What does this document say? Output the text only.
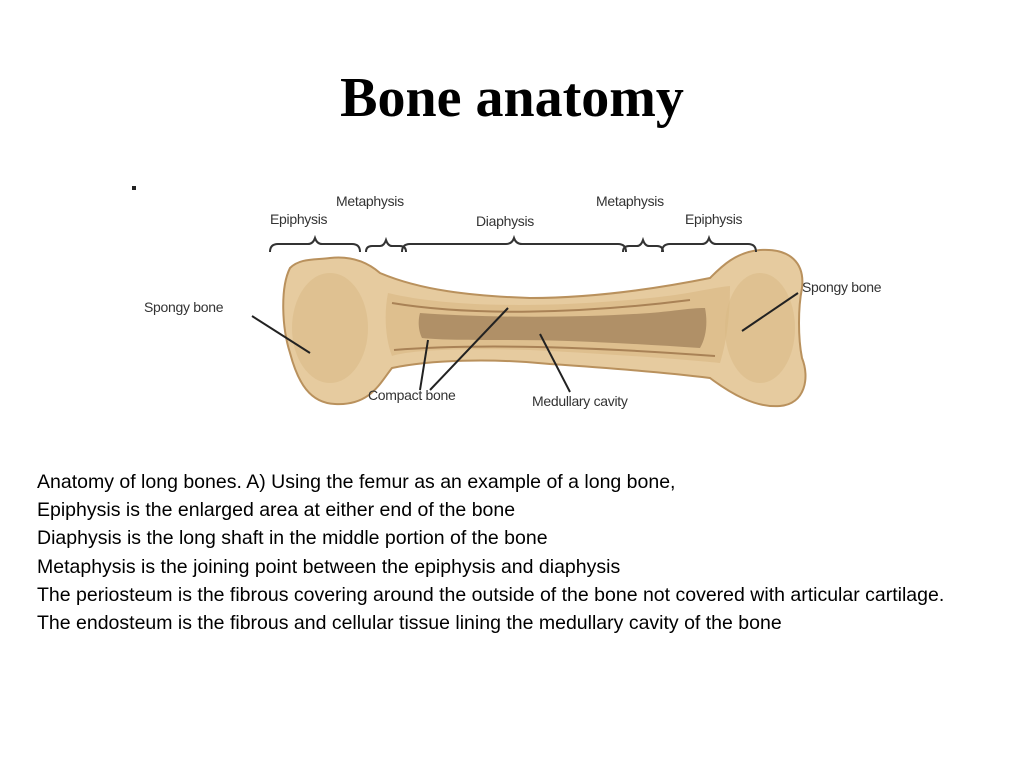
Bone anatomy
Epiphysis
Metaphysis
Diaphysis
Metaphysis
Epiphysis
Spongy bone
Spongy bone
Compact bone	Medullary cavity
Anatomy of long bones. A) Using the femur as an example of a long bone,
Epiphysis is the enlarged area at either end of the bone
Diaphysis is the long shaft in the middle portion of the bone
Metaphysis is the joining point between the epiphysis and diaphysis
The periosteum is the fibrous covering around the outside of the bone not covered with articular cartilage.
The endosteum is the fibrous and cellular tissue lining the medullary cavity of the bone
